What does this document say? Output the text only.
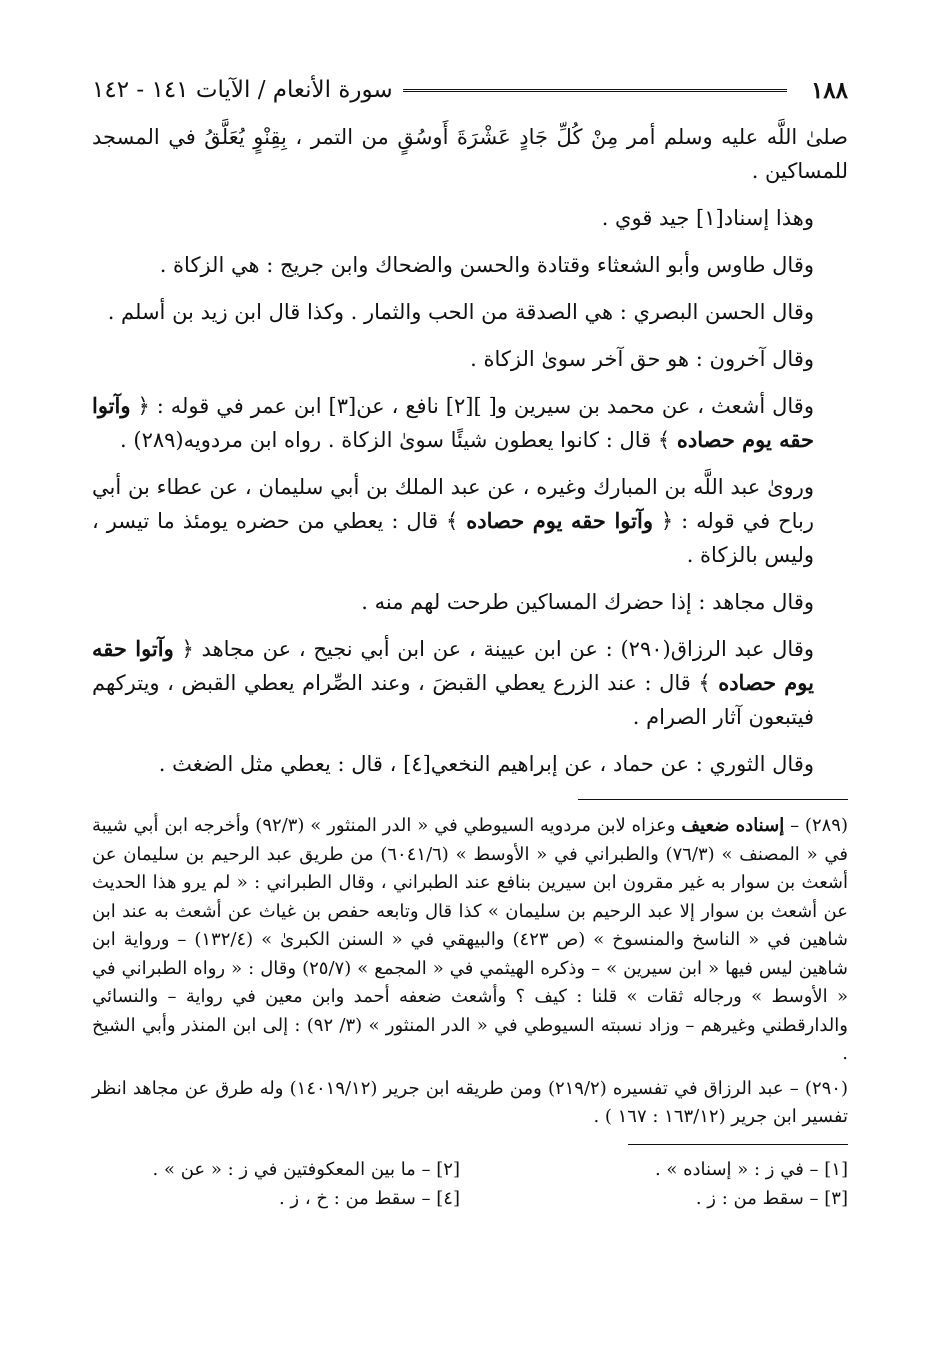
١٨٨
سورة الأنعام / الآيات ١٤١ - ١٤٢

صلىٰ اللَّه عليه وسلم أمر مِنْ كُلِّ جَادٍ عَشْرَةَ أَوسُقٍ من التمر ، بِقِنْوٍ يُعَلَّقُ في المسجد للمساكين .

وهذا إسناد[١] جيد قوي .

وقال طاوس وأبو الشعثاء وقتادة والحسن والضحاك وابن جريج : هي الزكاة .

وقال الحسن البصري : هي الصدقة من الحب والثمار . وكذا قال ابن زيد بن أسلم .

وقال آخرون : هو حق آخر سوىٰ الزكاة .

وقال أشعث ، عن محمد بن سيرين و[ ][٢] نافع ، عن[٣] ابن عمر في قوله : ﴿ وآتوا حقه يوم حصاده ﴾ قال : كانوا يعطون شيئًا سوىٰ الزكاة . رواه ابن مردويه(٢٨٩) .

وروىٰ عبد اللَّه بن المبارك وغيره ، عن عبد الملك بن أبي سليمان ، عن عطاء بن أبي رباح في قوله : ﴿ وآتوا حقه يوم حصاده ﴾ قال : يعطي من حضره يومئذ ما تيسر ، وليس بالزكاة .

وقال مجاهد : إذا حضرك المساكين طرحت لهم منه .

وقال عبد الرزاق(٢٩٠) : عن ابن عيينة ، عن ابن أبي نجيح ، عن مجاهد ﴿ وآتوا حقه يوم حصاده ﴾ قال : عند الزرع يعطي القبضَ ، وعند الصِّرام يعطي القبض ، ويتركهم فيتبعون آثار الصرام .

وقال الثوري : عن حماد ، عن إبراهيم النخعي[٤] ، قال : يعطي مثل الضغث .

(٢٨٩) – إسناده ضعيف وعزاه لابن مردويه السيوطي في « الدر المنثور » (٩٢/٣) وأخرجه ابن أبي شيبة في « المصنف » (٧٦/٣) والطبراني في « الأوسط » (٦٠٤١/٦) من طريق عبد الرحيم بن سليمان عن أشعث بن سوار به غير مقرون ابن سيرين بنافع عند الطبراني ، وقال الطبراني : « لم يرو هذا الحديث عن أشعث بن سوار إلا عبد الرحيم بن سليمان » كذا قال وتابعه حفص بن غياث عن أشعث به عند ابن شاهين في « الناسخ والمنسوخ » (ص ٤٢٣) والبيهقي في « السنن الكبرىٰ » (١٣٢/٤) – ورواية ابن شاهين ليس فيها « ابن سيرين » – وذكره الهيثمي في « المجمع » (٢٥/٧) وقال : « رواه الطبراني في « الأوسط » ورجاله ثقات » قلنا : كيف ؟ وأشعث ضعفه أحمد وابن معين في رواية – والنسائي والدارقطني وغيرهم – وزاد نسبته السيوطي في « الدر المنثور » (٣/ ٩٢) : إلى ابن المنذر وأبي الشيخ .

(٢٩٠) – عبد الرزاق في تفسيره (٢١٩/٢) ومن طريقه ابن جرير (١٤٠١٩/١٢) وله طرق عن مجاهد انظر تفسير ابن جرير (١٦٣/١٢ : ١٦٧ ) .

[١] – في ز : « إسناده » .
[٢] – ما بين المعكوفتين في ز : « عن » .
[٣] – سقط من : ز .
[٤] – سقط من : خ ، ز .
